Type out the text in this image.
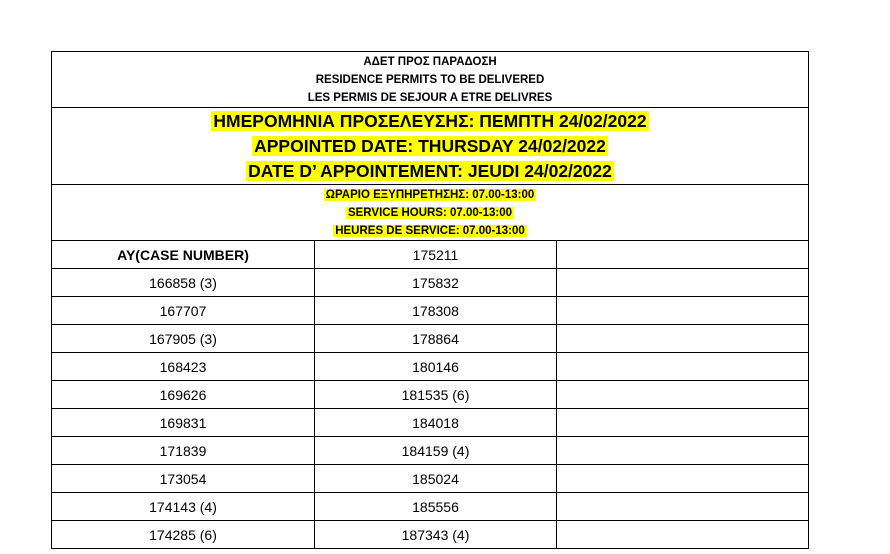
ΑΔΕΤ ΠΡΟΣ ΠΑΡΑΔΟΣΗ
RESIDENCE PERMITS TO BE DELIVERED
LES PERMIS DE SEJOUR A ETRE DELIVRES		

ΗΜΕΡΟΜΗΝΙΑ ΠΡΟΣΕΛΕΥΣΗΣ: ΠΕΜΠΤΗ 24/02/2022
APPOINTED DATE: THURSDAY 24/02/2022
DATE D’ APPOINTEMENT: JEUDI 24/02/2022		

ΩΡΑΡΙΟ ΕΞΥΠΗΡΕΤΗΣΗΣ: 07.00-13:00
SERVICE HOURS: 07.00-13:00
HEURES DE SERVICE: 07.00-13:00		

AY(CASE NUMBER)	175211	
166858 (3)	175832	
167707	178308	
167905 (3)	178864	
168423	180146	
169626	181535 (6)	
169831	184018	
171839	184159 (4)	
173054	185024	
174143 (4)	185556	
174285 (6)	187343 (4)	
